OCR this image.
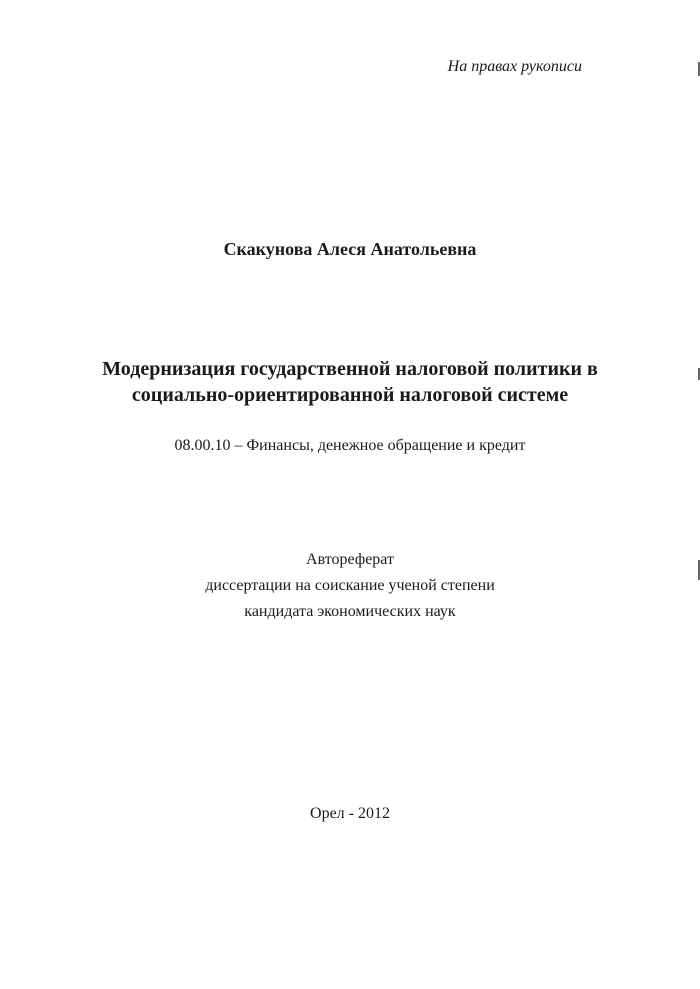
На правах рукописи
Скакунова Алеся Анатольевна
Модернизация государственной налоговой политики в
социально-ориентированной налоговой системе
08.00.10 – Финансы, денежное обращение и кредит
Автореферат
диссертации на соискание ученой степени
кандидата экономических наук
Орел - 2012
